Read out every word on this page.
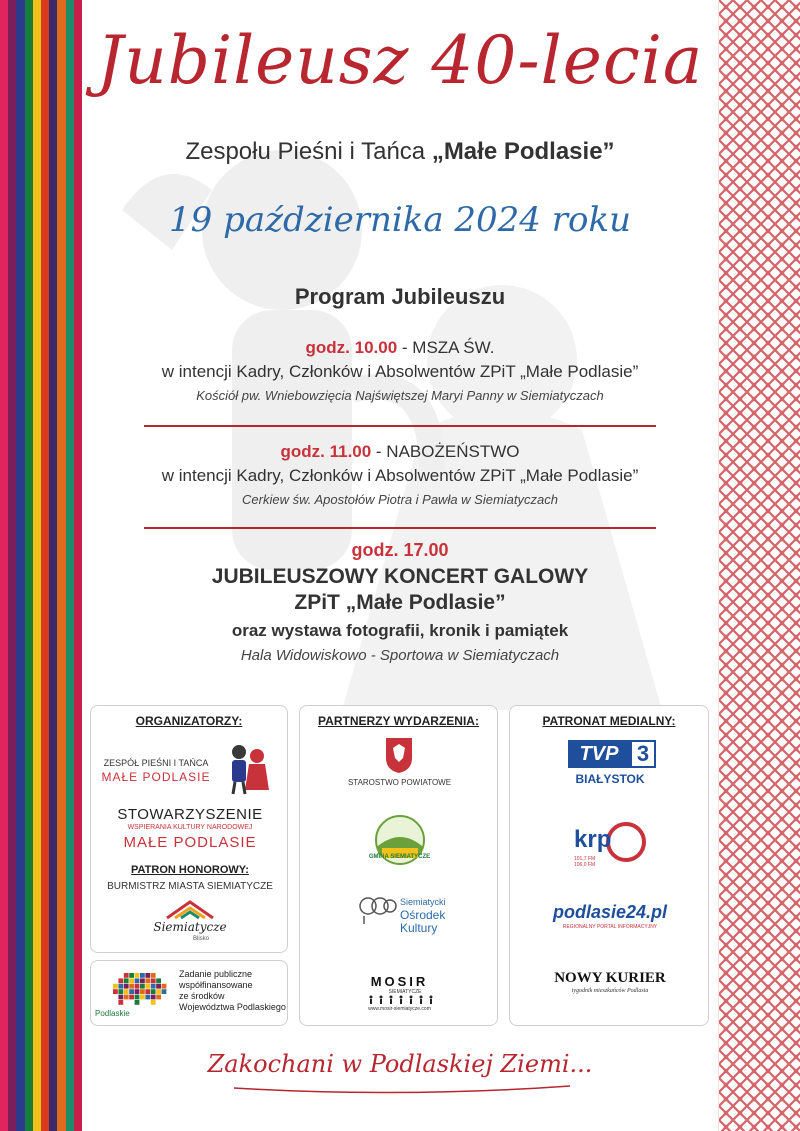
Jubileusz 40-lecia
Zespołu Pieśni i Tańca „Małe Podlasie”
19 października 2024 roku
Program Jubileuszu
godz. 10.00 - MSZA ŚW.
w intencji Kadry, Członków i Absolwentów ZPiT „Małe Podlasie”
Kościół pw. Wniebowzięcia Najświętszej Maryi Panny w Siemiatyczach
godz. 11.00 - NABOŻEŃSTWO
w intencji Kadry, Członków i Absolwentów ZPiT „Małe Podlasie”
Cerkiew św. Apostołów Piotra i Pawła w Siemiatyczach
godz. 17.00
JUBILEUSZOWY KONCERT GALOWY
ZPiT „Małe Podlasie”
oraz wystawa fotografii, kronik i pamiątek
Hala Widowiskowo - Sportowa w Siemiatyczach
ORGANIZATORZY:
ZESPÓŁ PIEŚNI I TAŃCA
MAŁE PODLASIE
STOWARZYSZENIE
WSPIERANIA KULTURY NARODOWEJ
MAŁE PODLASIE
PATRON HONOROWY:
BURMISTRZ MIASTA SIEMIATYCZE
Siemiatycze
Blisko
Podlaskie
Zadanie publiczne
współfinansowane
ze środków
Województwa Podlaskiego
PARTNERZY WYDARZENIA:
STAROSTWO POWIATOWE
GMINA SIEMIATYCZE
Siemiatycki
Ośrodek
Kultury
MOSIR
SIEMIATYCZE
www.mosir-siemiatycze.com
PATRONAT MEDIALNY:
TVP 3
BIAŁYSTOK
krp
101,7 FM
106,0 FM
podlasie24.pl
REGIONALNY PORTAL INFORMACYJNY
NOWY KURIER
tygodnik mieszkańców Podlasia
Zakochani w Podlaskiej Ziemi...
